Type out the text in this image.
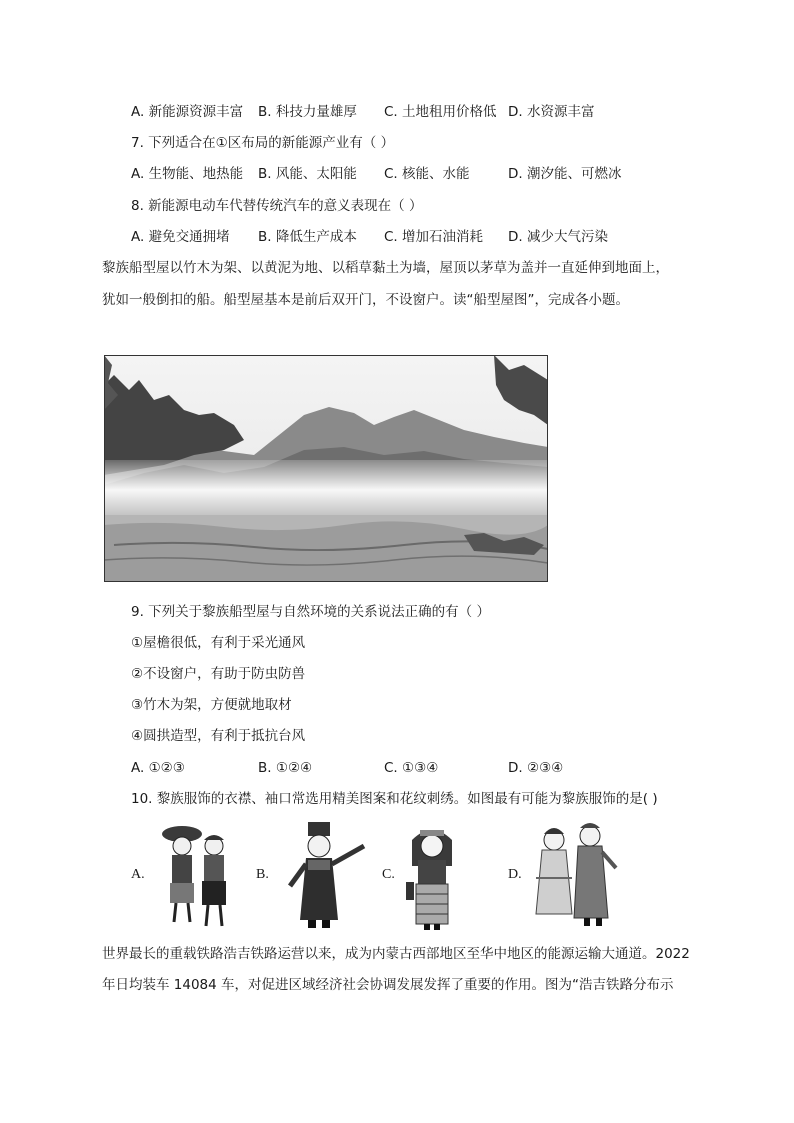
A. 新能源资源丰富 B. 科技力量雄厚 C. 土地租用价格低 D. 水资源丰富
7. 下列适合在①区布局的新能源产业有（ ）
A. 生物能、地热能 B. 风能、太阳能 C. 核能、水能	D. 潮汐能、可燃冰
8. 新能源电动车代替传统汽车的意义表现在（ ）
A. 避免交通拥堵 B. 降低生产成本 C. 增加石油消耗 D. 减少大气污染
黎族船型屋以竹木为架、以黄泥为地、以稻草黏土为墙，屋顶以茅草为盖并一直延伸到地面上，
犹如一般倒扣的船。船型屋基本是前后双开门，不设窗户。读“船型屋图”，完成各小题。
9. 下列关于黎族船型屋与自然环境的关系说法正确的有（ ）
①屋檐很低，有利于采光通风
②不设窗户，有助于防虫防兽
③竹木为架，方便就地取材
④圆拱造型，有利于抵抗台风
A. ①②③	B. ①②④	C. ①③④	D. ②③④
10. 黎族服饰的衣襟、袖口常选用精美图案和花纹刺绣。如图最有可能为黎族服饰的是( )
A.	B.	C.	D.
世界最长的重载铁路浩吉铁路运营以来，成为内蒙古西部地区至华中地区的能源运输大通道。2022
年日均装车 14084 车，对促进区域经济社会协调发展发挥了重要的作用。图为“浩吉铁路分布示
